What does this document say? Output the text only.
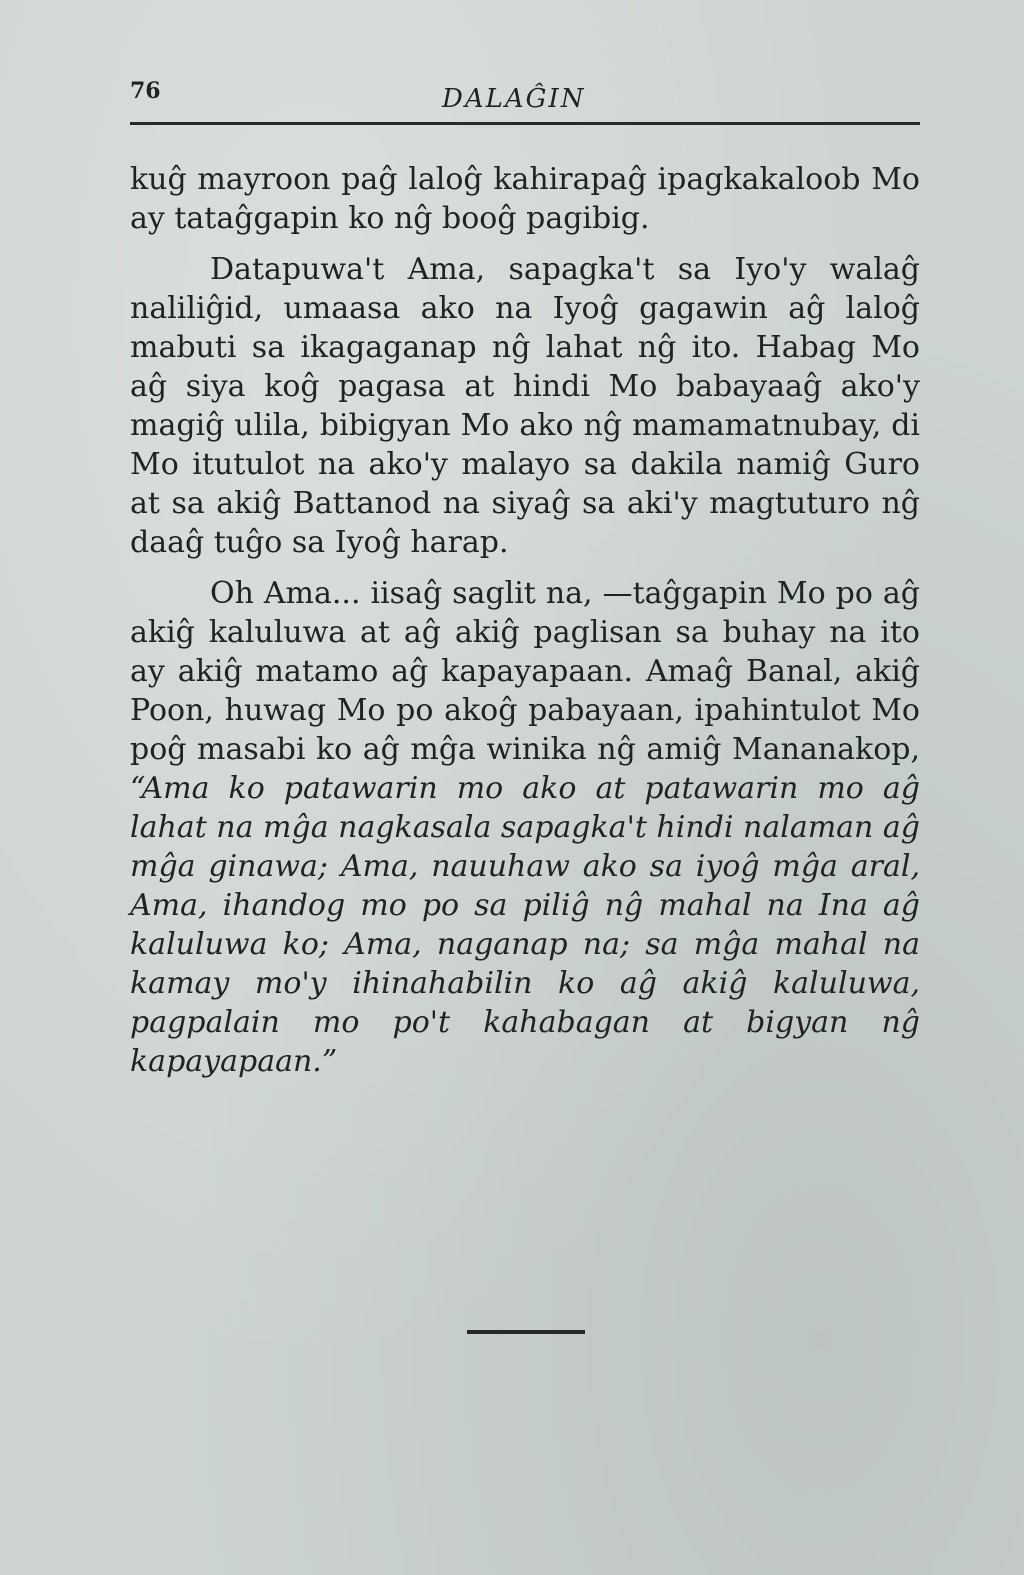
76	DALAĜIN

kuĝ mayroon paĝ laloĝ kahirapaĝ ipagkakaloob Mo ay tataĝgapin ko nĝ booĝ pagibig.

Datapuwa't Ama, sapagka't sa Iyo'y walaĝ naliliĝid, umaasa ako na Iyoĝ gagawin aĝ laloĝ mabuti sa ikagaganap nĝ lahat nĝ ito. Habag Mo aĝ siya koĝ pagasa at hindi Mo babayaaĝ ako'y magiĝ ulila, bibigyan Mo ako nĝ mamamatnubay, di Mo itutulot na ako'y malayo sa dakila namiĝ Guro at sa akiĝ Battanod na siyaĝ sa aki'y magtuturo nĝ daaĝ tuĝo sa Iyoĝ harap.

Oh Ama... iisaĝ saglit na, —taĝgapin Mo po aĝ akiĝ kaluluwa at aĝ akiĝ paglisan sa buhay na ito ay akiĝ matamo aĝ kapayapaan. Amaĝ Banal, akiĝ Poon, huwag Mo po akoĝ pabayaan, ipahintulot Mo poĝ masabi ko aĝ mĝa winika nĝ amiĝ Mananakop, “Ama ko patawarin mo ako at patawarin mo aĝ lahat na mĝa nagkasala sapagka't hindi nalaman aĝ mĝa ginawa; Ama, nauuhaw ako sa iyoĝ mĝa aral, Ama, ihandog mo po sa piliĝ nĝ mahal na Ina aĝ kaluluwa ko; Ama, naganap na; sa mĝa mahal na kamay mo'y ihinahabilin ko aĝ akiĝ kaluluwa, pagpalain mo po't kahabagan at bigyan nĝ kapayapaan.”
